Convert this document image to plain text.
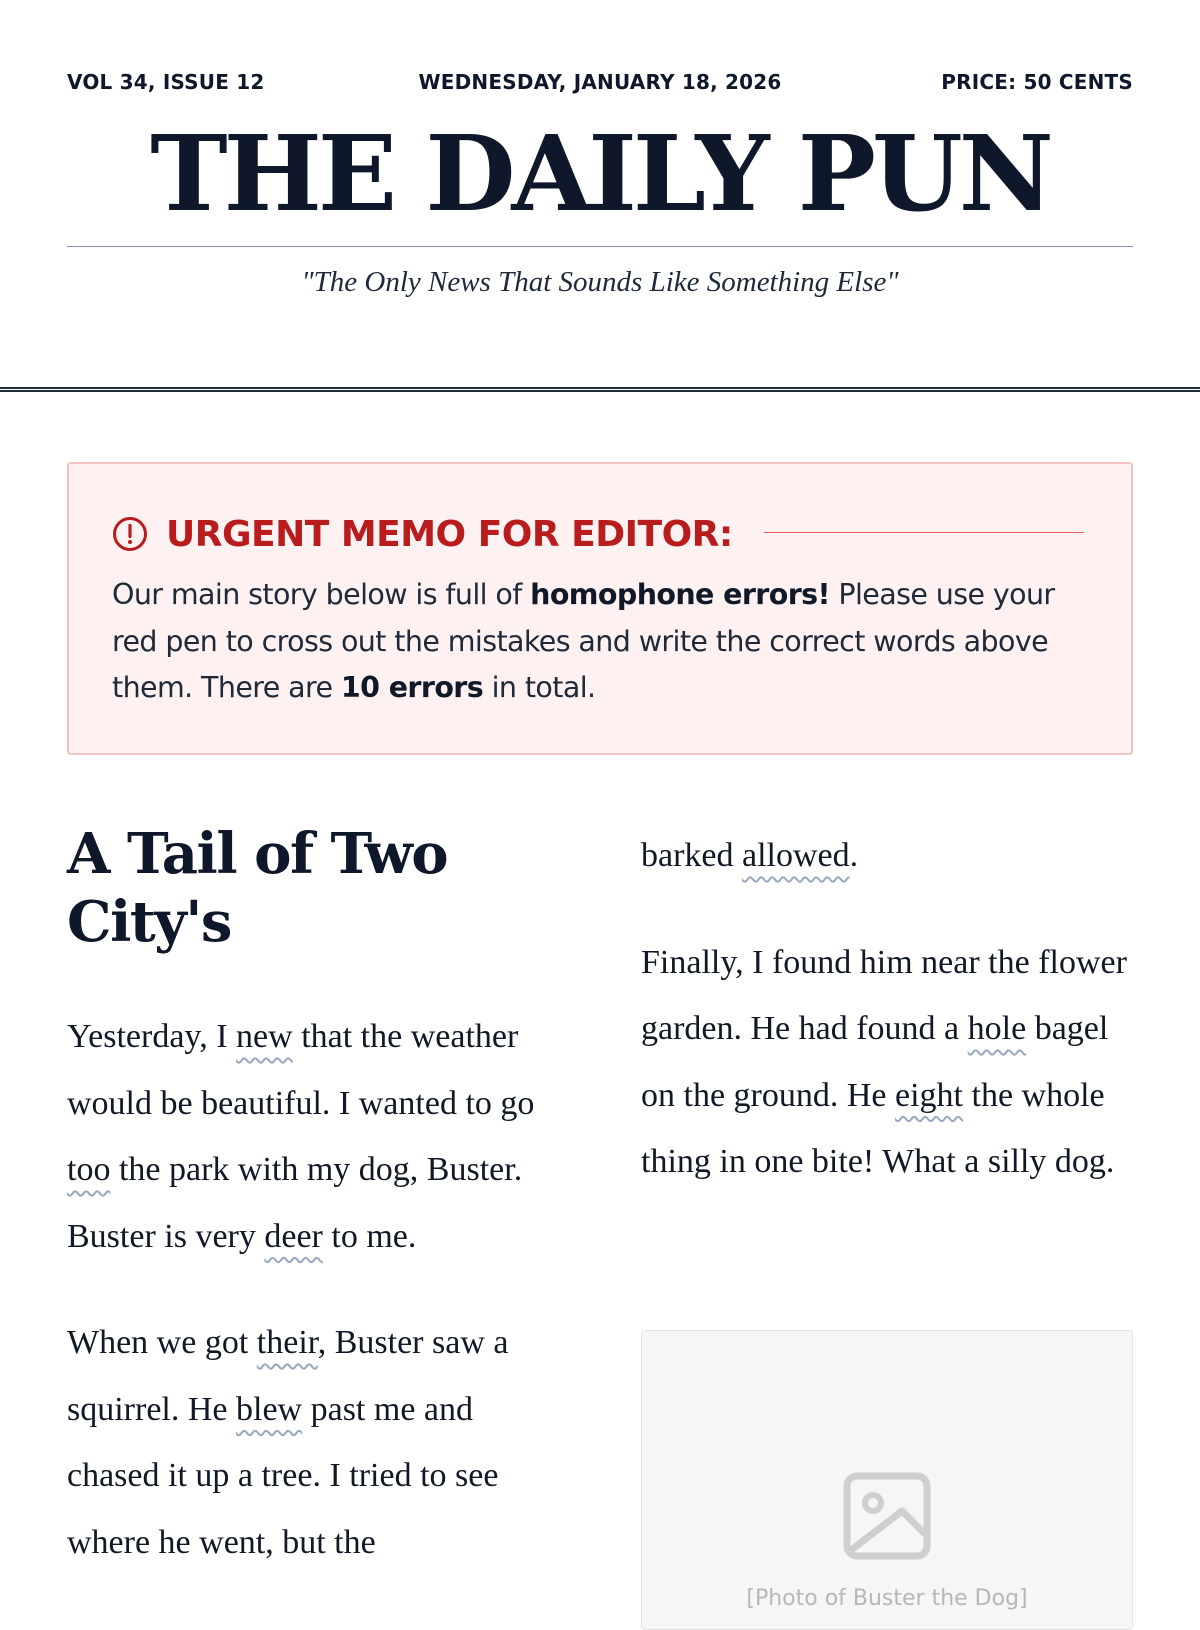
VOL 34, ISSUE 12	WEDNESDAY, JANUARY 18, 2026	PRICE: 50 CENTS
THE DAILY PUN
"The Only News That Sounds Like Something Else"
URGENT MEMO FOR EDITOR:
Our main story below is full of homophone errors! Please use your red pen to cross out the mistakes and write the correct words above them. There are 10 errors in total.
A Tail of Two City's

Yesterday, I new that the weather would be beautiful. I wanted to go too the park with my dog, Buster. Buster is very deer to me.

When we got their, Buster saw a squirrel. He blew past me and chased it up a tree. I tried to see where he went, but the

barked allowed.

Finally, I found him near the flower garden. He had found a hole bagel on the ground. He eight the whole thing in one bite! What a silly dog.

[Photo of Buster the Dog]
